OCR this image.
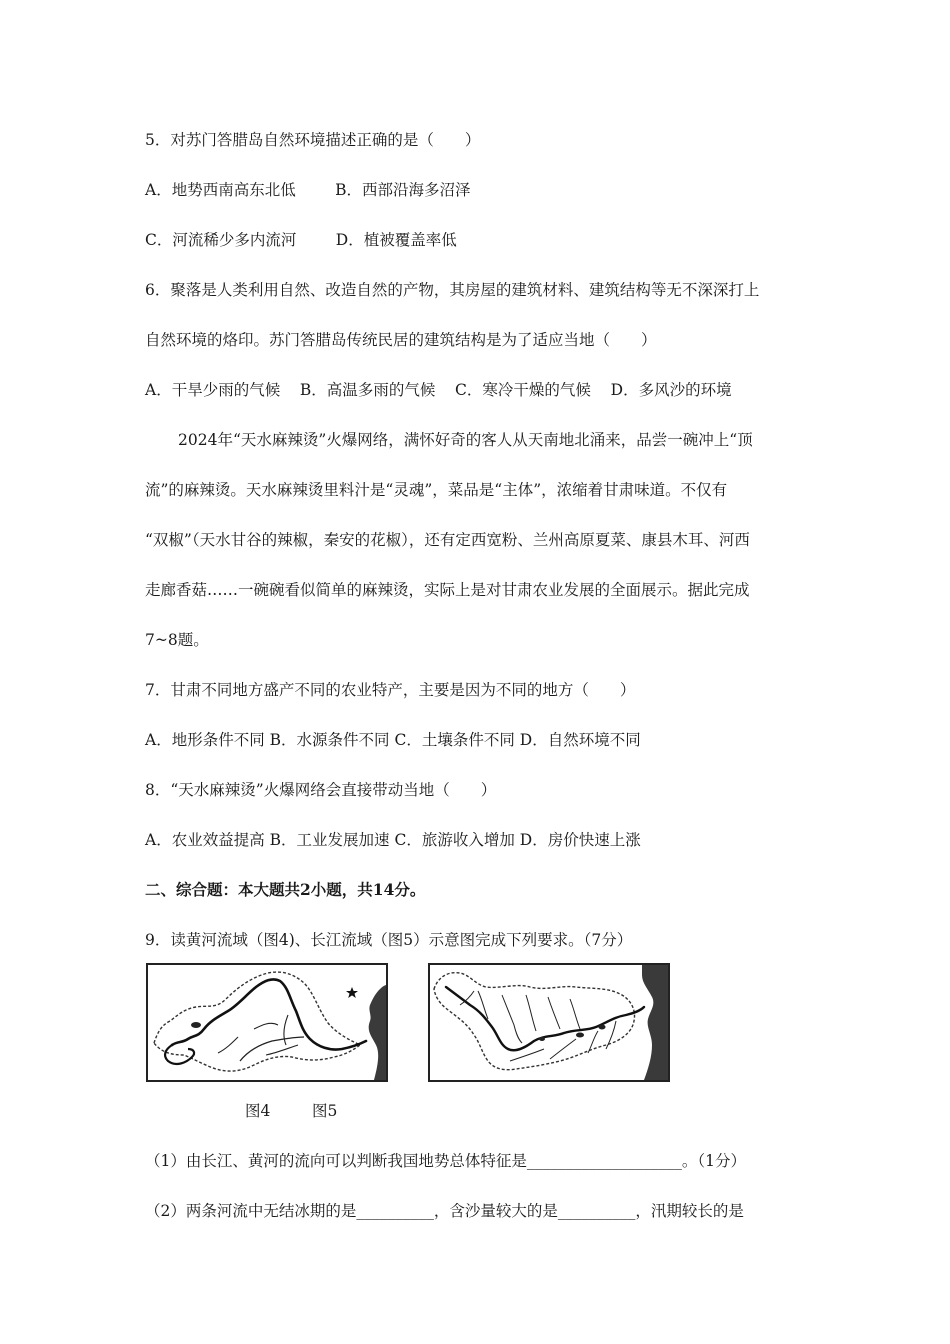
5．对苏门答腊岛自然环境描述正确的是（　　）
A．地势西南高东北低	B．西部沿海多沼泽
C．河流稀少多内流河	D．植被覆盖率低
6．聚落是人类利用自然、改造自然的产物，其房屋的建筑材料、建筑结构等无不深深打上
自然环境的烙印。苏门答腊岛传统民居的建筑结构是为了适应当地（　　）
A．干旱少雨的气候 B．高温多雨的气候 C．寒冷干燥的气候 D．多风沙的环境
2024年“天水麻辣烫”火爆网络，满怀好奇的客人从天南地北涌来，品尝一碗冲上“顶
流”的麻辣烫。天水麻辣烫里料汁是“灵魂”，菜品是“主体”，浓缩着甘肃味道。不仅有
“双椒”（天水甘谷的辣椒，秦安的花椒），还有定西宽粉、兰州高原夏菜、康县木耳、河西
走廊香菇……一碗碗看似简单的麻辣烫，实际上是对甘肃农业发展的全面展示。据此完成
7~8题。
7．甘肃不同地方盛产不同的农业特产，主要是因为不同的地方（　　）
A．地形条件不同 B．水源条件不同 C．土壤条件不同 D．自然环境不同
8．“天水麻辣烫”火爆网络会直接带动当地（　　）
A．农业效益提高 B．工业发展加速 C．旅游收入增加 D．房价快速上涨
二、综合题：本大题共2小题，共14分。
9．读黄河流域（图4)、长江流域（图5）示意图完成下列要求。（7分）
图4	图5
（1）由长江、黄河的流向可以判断我国地势总体特征是____________________。（1分）
（2）两条河流中无结冰期的是__________，含沙量较大的是__________，汛期较长的是
